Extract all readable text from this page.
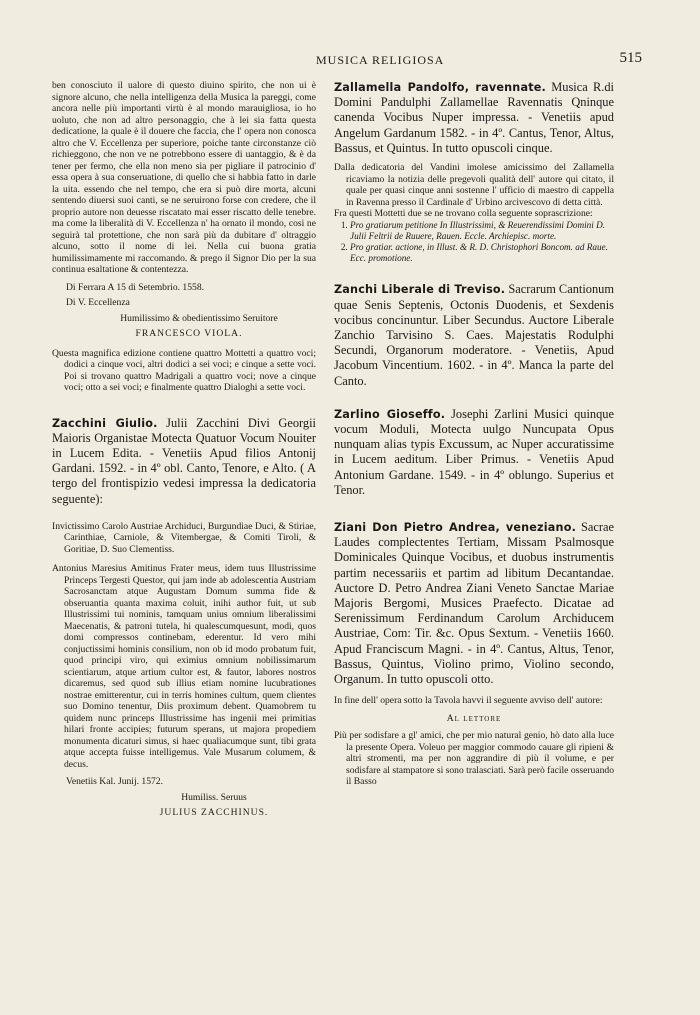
MUSICA RELIGIOSA	515

ben conosciuto il ualore di questo diuino spirito, che non ui è signore alcuno, che nella intelligenza della Musica la pareggi, come ancora nelle più importanti virtù è al mondo marauigliosa, io ho uoluto, che non ad altro personaggio, che à lei sia fatta questa dedicatione, la quale è il douere che faccia, che l' opera non conosca altro che V. Eccellenza per superiore, poiche tante circonstanze ciò richieggono, che non ve ne potrebbono essere di uantaggio, & è da tener per fermo, che ella non meno sia per pigliare il patrocinio d' essa opera à sua conseruatione, di quello che si habbia fatto in darle la uita. essendo che nel tempo, che era si può dire morta, alcuni sentendo diuersi suoi canti, se ne seruirono forse con credere, che il proprio autore non deuesse riscatato mai esser riscatto delle tenebre. ma come la liberalità di V. Eccellenza n' ha ornato il mondo, cosi ne seguirà tal protettione, che non sarà più da dubitare d' oltraggio alcuno, sotto il nome di lei. Nella cui buona gratia humilissimamente mi raccomando. & prego il Signor Dio per la sua continua esaltatione & contentezza.

Di Ferrara A 15 di Setembrio. 1558.

Di V. Eccellenza

Humilissimo & obedientissimo Seruitore

FRANCESCO VIOLA.

Questa magnifica edizione contiene quattro Mottetti a quattro voci; dodici a cinque voci, altri dodici a sei voci; e cinque a sette voci. Poi si trovano quattro Madrigali a quattro voci; nove a cinque voci; otto a sei voci; e finalmente quattro Dialoghi a sette voci.

Zacchini Giulio. Julii Zacchini Divi Georgii Maioris Organistae Motecta Quatuor Vocum Nouiter in Lucem Edita. - Venetiis Apud filios Antonij Gardani. 1592. - in 4º obl. Canto, Tenore, e Alto. ( A tergo del frontispizio vedesi impressa la dedicatoria seguente):

Invictissimo Carolo Austriae Archiduci, Burgundiae Duci, & Stiriae, Carinthiae, Carniole, & Vitembergae, & Comiti Tiroli, & Goritiae, D. Suo Clementiss.

Antonius Maresius Amitinus Frater meus, idem tuus Illustrissime Princeps Tergesti Questor, qui jam inde ab adolescentia Austriam Sacrosanctam atque Augustam Domum summa fide & obseruantia quanta maxima coluit, inihi author fuit, ut sub Illustrissimi tui nominis, tamquam unius omnium liberalissimi Maecenatis, & patroni tutela, hi qualescumquesunt, modi, quos domi compressos continebam, ederentur. Id vero mihi conjuctissimi hominis consilium, non ob id modo probatum fuit, quod principi viro, qui eximius omnium nobilissimarum scientiarum, atque artium cultor est, & fautor, labores nostros dicaremus, sed quod sub illius etiam nomine lucubrationes nostrae emitterentur, cui in terris homines cultum, quem clientes suo Domino tenentur, Diis proximum debent. Quamobrem tu quidem nunc princeps Illustrissime has ingenii mei primitias hilari fronte accipies; futurum sperans, ut majora propediem monumenta dicaturi simus, si haec qualiacumque sunt, tibi grata atque accepta fuisse intelligemus. Vale Musarum columem, & decus.

Venetiis Kal. Junij. 1572.

Humiliss. Seruus

JULIUS ZACCHINUS.

Zallamella Pandolfo, ravennate. Musica R.di Domini Pandulphi Zallamellae Ravennatis Qninque canenda Vocibus Nuper impressa. - Venetiis apud Angelum Gardanum 1582. - in 4º. Cantus, Tenor, Altus, Bassus, et Quintus. In tutto opuscoli cinque.

Dalla dedicatoria del Vandini imolese amicissimo del Zallamella ricaviamo la notizia delle pregevoli qualità dell' autore qui citato, il quale per quasi cinque anni sostenne l' ufficio di maestro di cappella in Ravenna presso il Cardinale d' Urbino arcivescovo di detta città.

Fra questi Mottetti due se ne trovano colla seguente soprascrizione:

1. Pro gratiarum petitione In Illustrissimi, & Reuerendissimi Domini D. Julii Feltrii de Ruuere, Rauen. Eccle. Archiepisc. morte.
2. Pro gratiar. actione, in Illust. & R. D. Christophori Boncom. ad Raue. Ecc. promotione.

Zanchi Liberale di Treviso. Sacrarum Cantionum quae Senis Septenis, Octonis Duodenis, et Sexdenis vocibus concinuntur. Liber Secundus. Auctore Liberale Zanchio Tarvisino S. Caes. Majestatis Rodulphi Secundi, Organorum moderatore. - Venetiis, Apud Jacobum Vincentium. 1602. - in 4º. Manca la parte del Canto.

Zarlino Gioseffo. Josephi Zarlini Musici quinque vocum Moduli, Motecta uulgo Nuncupata Opus nunquam alias typis Excussum, ac Nuper accuratissime in Lucem aeditum. Liber Primus. - Venetiis Apud Antonium Gardane. 1549. - in 4º oblungo. Superius et Tenor.

Ziani Don Pietro Andrea, veneziano. Sacrae Laudes complectentes Tertiam, Missam Psalmosque Dominicales Quinque Vocibus, et duobus instrumentis partim necessariis et partim ad libitum Decantandae. Auctore D. Petro Andrea Ziani Veneto Sanctae Mariae Majoris Bergomi, Musices Praefecto. Dicatae ad Serenissimum Ferdinandum Carolum Archiducem Austriae, Com: Tir. &c. Opus Sextum. - Venetiis 1660. Apud Franciscum Magni. - in 4º. Cantus, Altus, Tenor, Bassus, Quintus, Violino primo, Violino secondo, Organum. In tutto opuscoli otto.

In fine dell' opera sotto la Tavola havvi il seguente avviso dell' autore:

Al lettore

Più per sodisfare a gl' amici, che per mio natural genio, hò dato alla luce la presente Opera. Voleuo per maggior commodo cauare gli ripieni & altri stromenti, ma per non aggrandire di più il volume, e per sodisfare al stampatore si sono tralasciati. Sarà però facile osseruando il Basso
